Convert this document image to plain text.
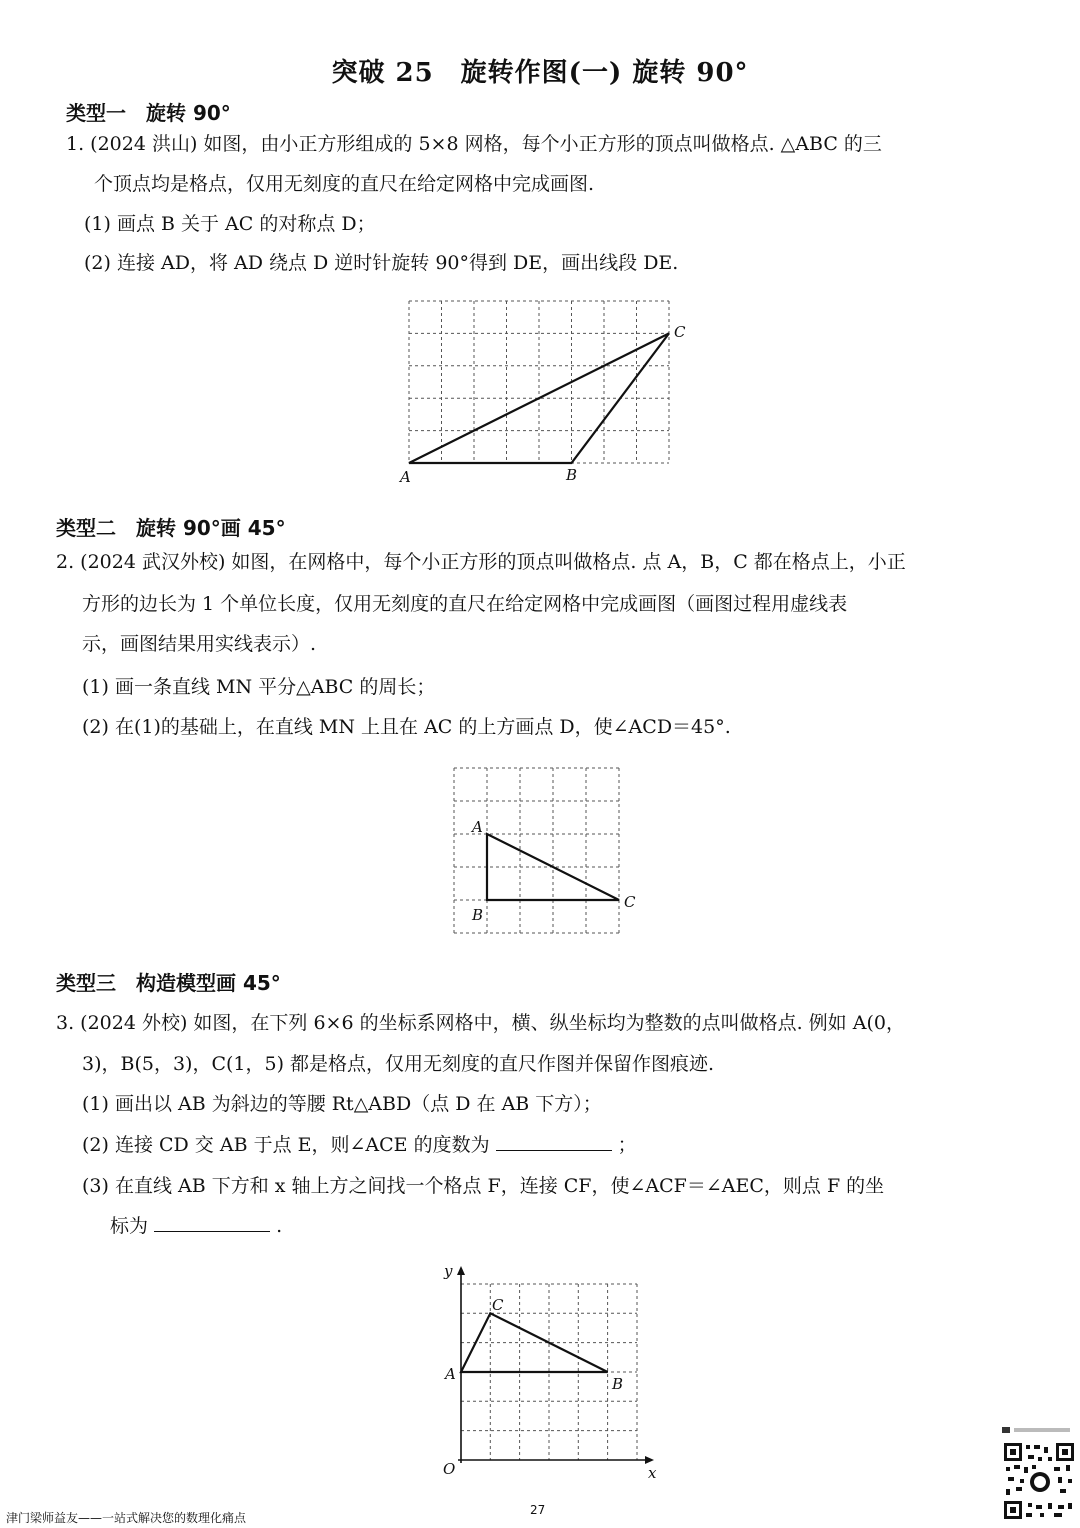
突破 25　旋转作图(一) 旋转 90°
类型一　旋转 90°
1. (2024 洪山) 如图，由小正方形组成的 5×8 网格，每个小正方形的顶点叫做格点. △ABC 的三
个顶点均是格点，仅用无刻度的直尺在给定网格中完成画图.
(1) 画点 B 关于 AC 的对称点 D；
(2) 连接 AD，将 AD 绕点 D 逆时针旋转 90°得到 DE，画出线段 DE.
A	B
C
类型二　旋转 90°画 45°
2. (2024 武汉外校) 如图，在网格中，每个小正方形的顶点叫做格点. 点 A，B，C 都在格点上，小正
方形的边长为 1 个单位长度，仅用无刻度的直尺在给定网格中完成画图（画图过程用虚线表
示，画图结果用实线表示）.
(1) 画一条直线 MN 平分△ABC 的周长；
(2) 在(1)的基础上，在直线 MN 上且在 AC 的上方画点 D，使∠ACD＝45°.
A
B
C
类型三　构造模型画 45°
3. (2024 外校) 如图，在下列 6×6 的坐标系网格中，横、纵坐标均为整数的点叫做格点. 例如 A(0，
3)，B(5，3)，C(1，5) 都是格点，仅用无刻度的直尺作图并保留作图痕迹.
(1) 画出以 AB 为斜边的等腰 Rt△ABD（点 D 在 AB 下方）；
(2) 连接 CD 交 AB 于点 E，则∠ACE 的度数为	；
(3) 在直线 AB 下方和 x 轴上方之间找一个格点 F，连接 CF，使∠ACF＝∠AEC，则点 F 的坐
标为	.
y
x
O
A
B
C
津门梁师益友——一站式解决您的数理化痛点
27
